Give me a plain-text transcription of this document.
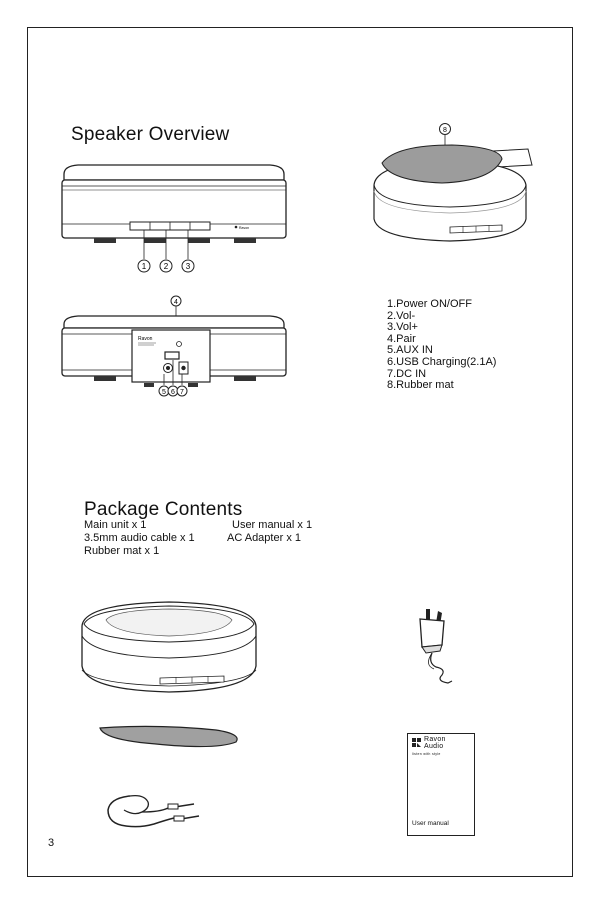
Speaker Overview
Ravon
1 2 3
8
4
Ravon
5 6 7
1.Power ON/OFF
2.Vol-
3.Vol+
4.Pair
5.AUX IN
6.USB Charging(2.1A)
7.DC IN
8.Rubber mat
Package Contents
Main unit x 1	User manual x 1
3.5mm audio cable x 1	AC Adapter x 1
Rubber mat x 1
Ravon
Audio
listen with style
User manual
3
